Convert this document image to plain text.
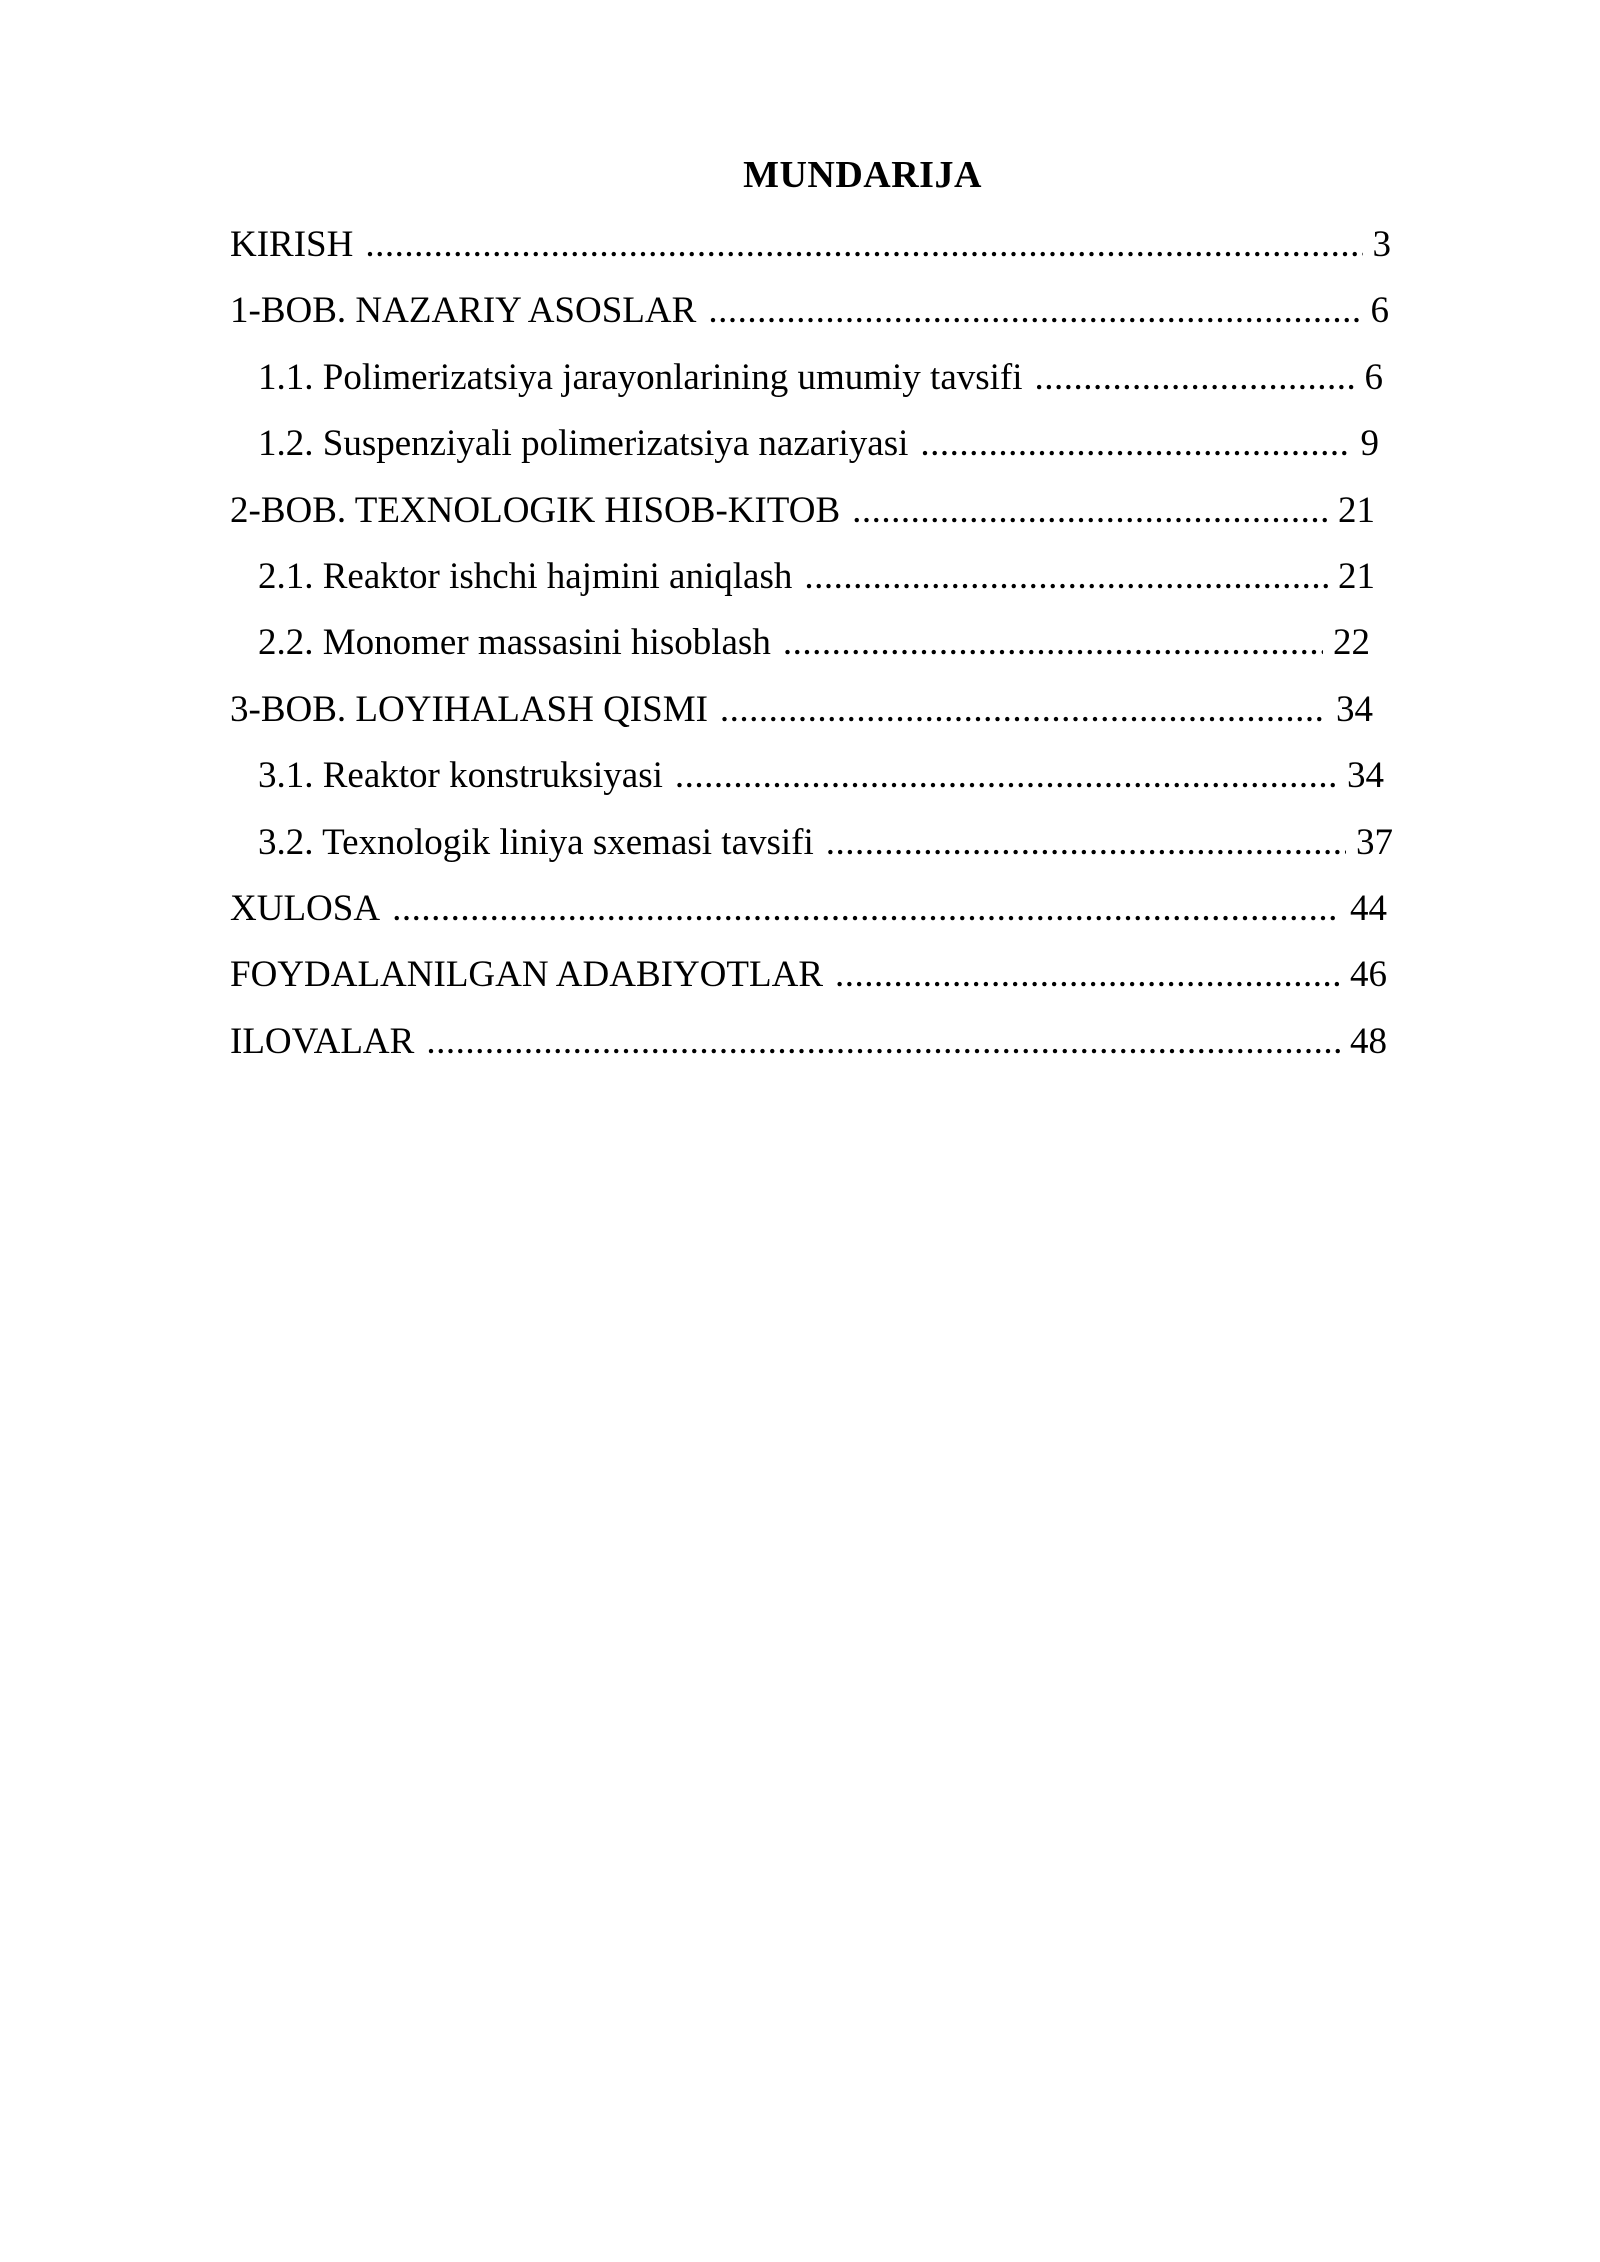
MUNDARIJA
KIRISH .....	3
1-BOB. NAZARIY ASOSLAR .....	6
1.1. Polimerizatsiya jarayonlarining umumiy tavsifi .....	6
1.2. Suspenziyali polimerizatsiya nazariyasi .....	9
2-BOB. TEXNOLOGIK HISOB-KITOB .....	21
2.1. Reaktor ishchi hajmini aniqlash .....	21
2.2. Monomer massasini hisoblash .....	22
3-BOB. LOYIHALASH QISMI .....	34
3.1. Reaktor konstruksiyasi .....	34
3.2. Texnologik liniya sxemasi tavsifi .....	37
XULOSA .....	44
FOYDALANILGAN ADABIYOTLAR .....	46
ILOVALAR .....	48
